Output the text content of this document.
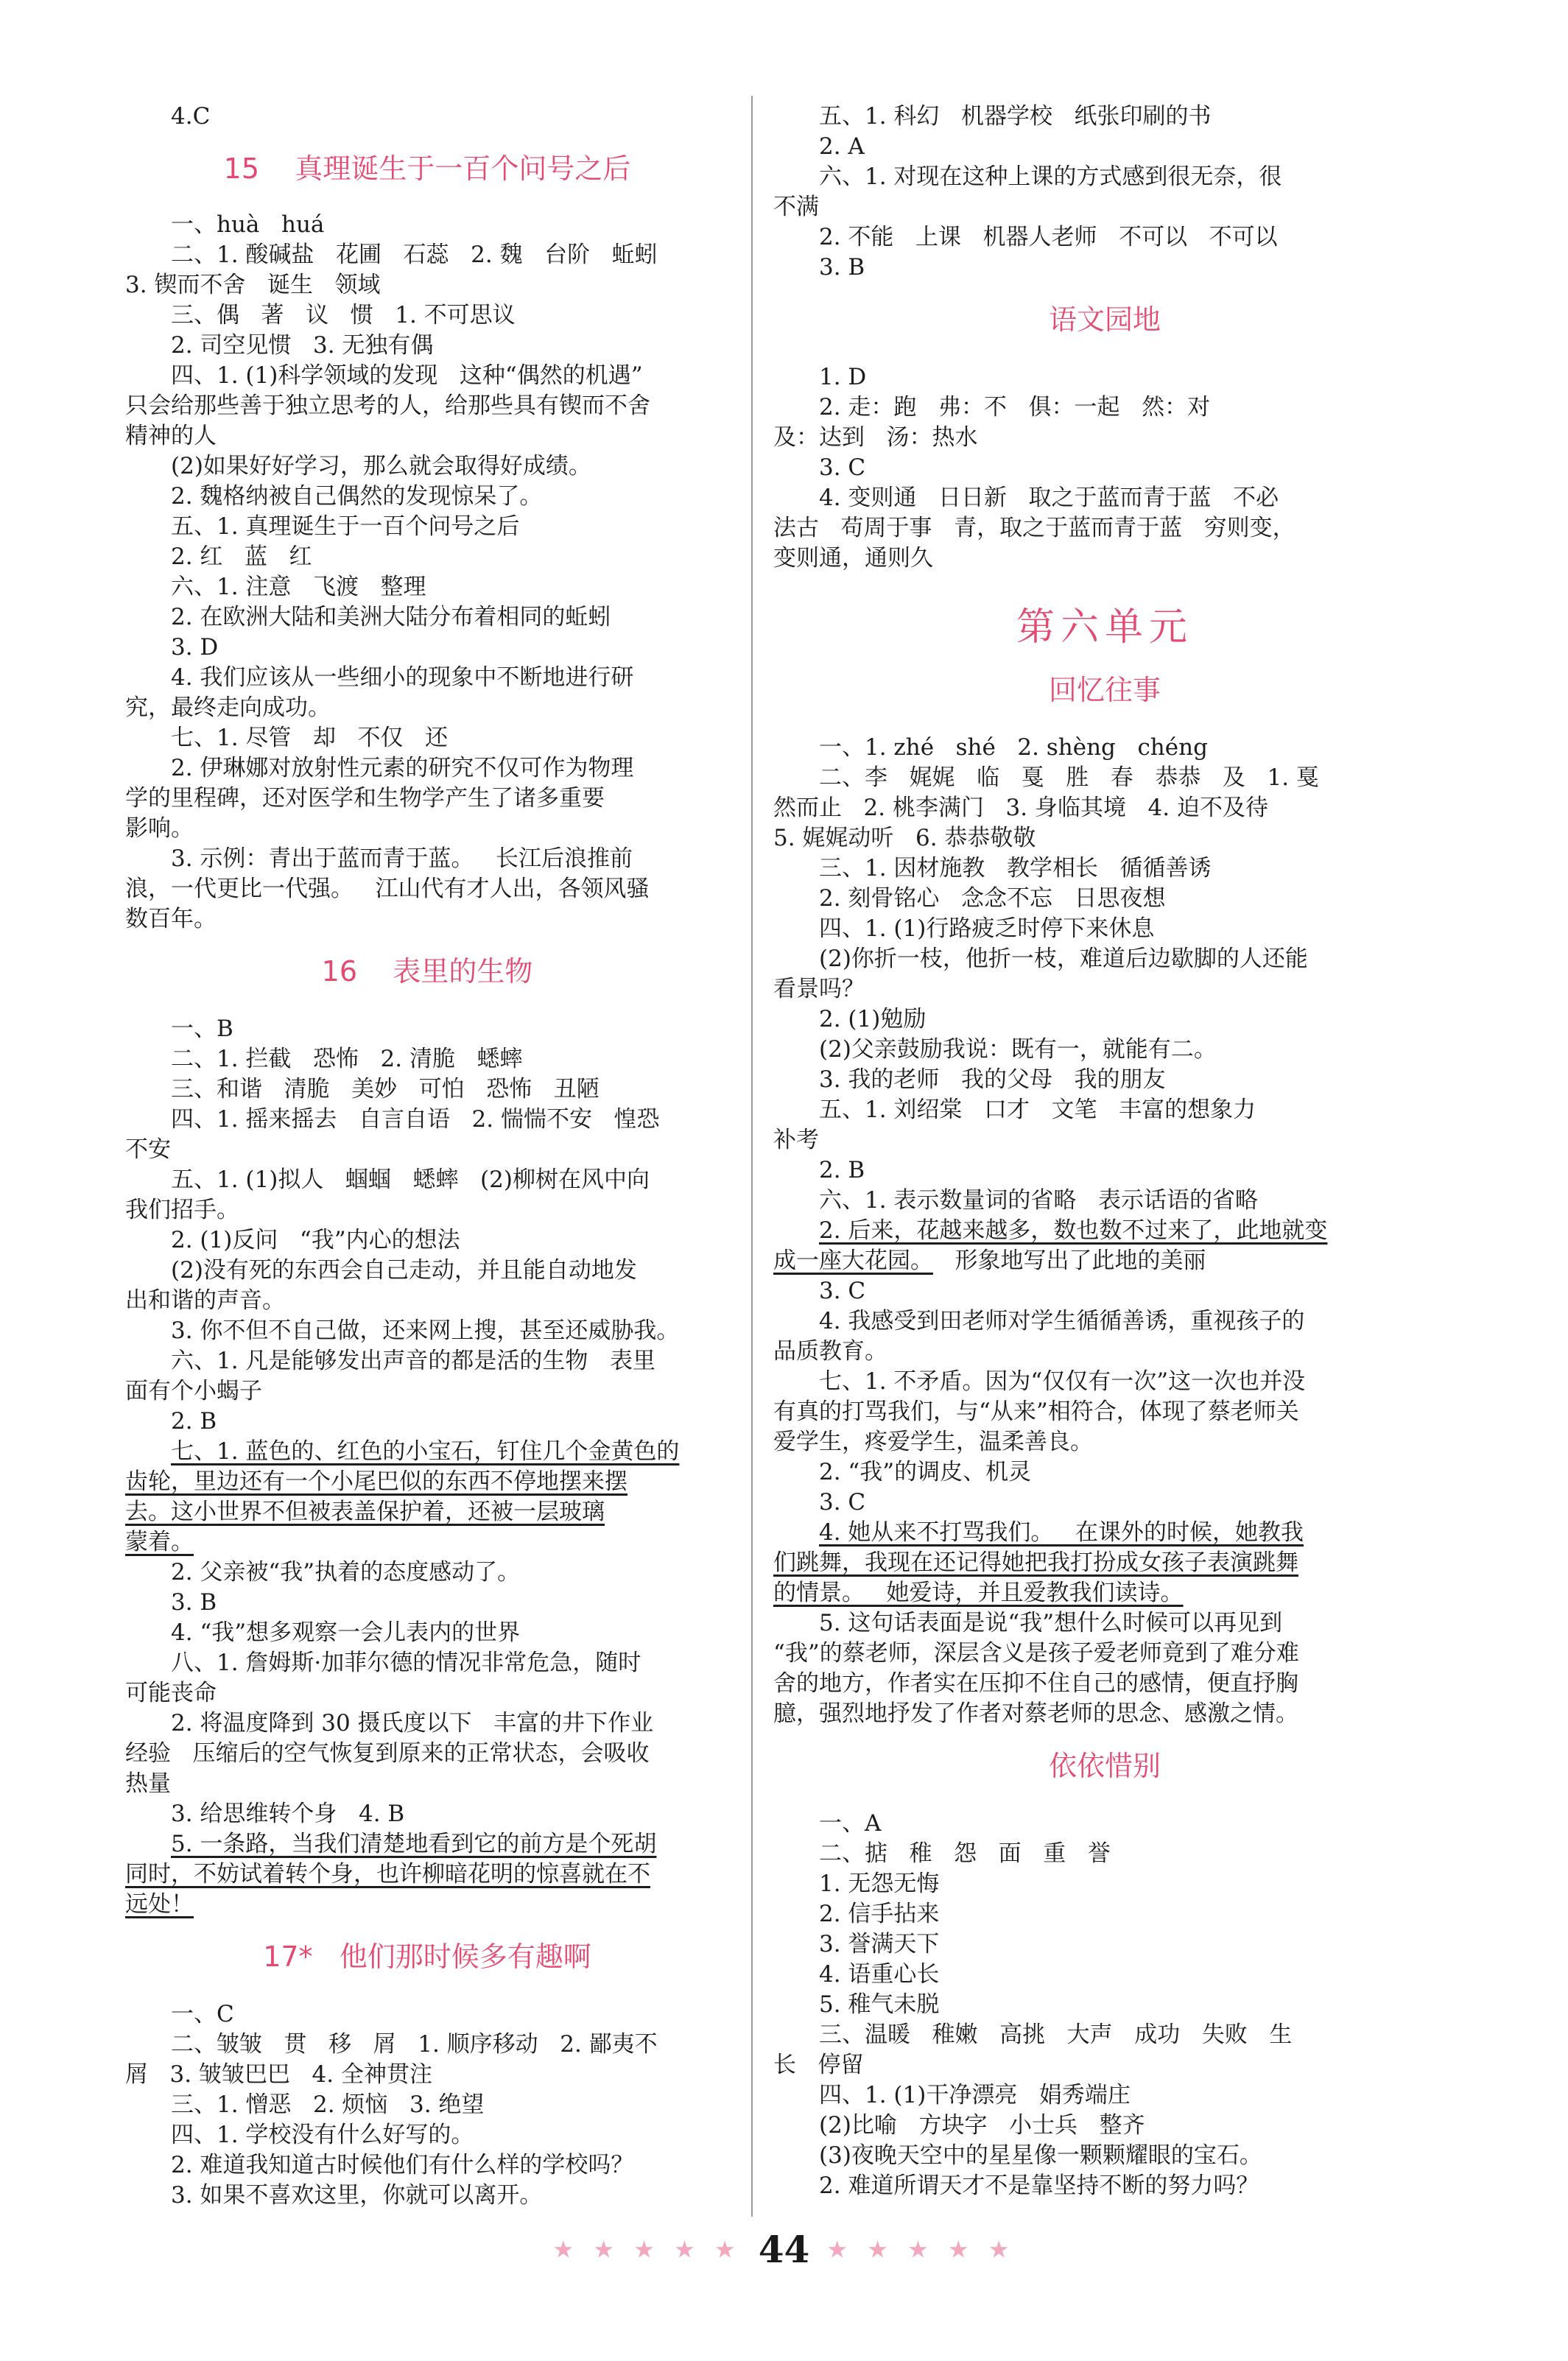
4.C
15    真理诞生于一百个问号之后
一、huà   huá
二、1. 酸碱盐   花圃   石蕊   2. 魏   台阶   蚯蚓
3. 锲而不舍   诞生   领域
三、偶   著   议   惯   1. 不可思议
2. 司空见惯   3. 无独有偶
四、1. (1)科学领域的发现   这种“偶然的机遇”
只会给那些善于独立思考的人，给那些具有锲而不舍
精神的人
(2)如果好好学习，那么就会取得好成绩。
2. 魏格纳被自己偶然的发现惊呆了。
五、1. 真理诞生于一百个问号之后
2. 红   蓝   红
六、1. 注意   飞渡   整理
2. 在欧洲大陆和美洲大陆分布着相同的蚯蚓
3. D
4. 我们应该从一些细小的现象中不断地进行研
究，最终走向成功。
七、1. 尽管   却   不仅   还
2. 伊琳娜对放射性元素的研究不仅可作为物理
学的里程碑，还对医学和生物学产生了诸多重要
影响。
3. 示例：青出于蓝而青于蓝。   长江后浪推前
浪，一代更比一代强。   江山代有才人出，各领风骚
数百年。
16    表里的生物
一、B
二、1. 拦截   恐怖   2. 清脆   蟋蟀
三、和谐   清脆   美妙   可怕   恐怖   丑陋
四、1. 摇来摇去   自言自语   2. 惴惴不安   惶恐
不安
五、1. (1)拟人   蝈蝈   蟋蟀   (2)柳树在风中向
我们招手。
2. (1)反问   “我”内心的想法
(2)没有死的东西会自己走动，并且能自动地发
出和谐的声音。
3. 你不但不自己做，还来网上搜，甚至还威胁我。
六、1. 凡是能够发出声音的都是活的生物   表里
面有个小蝎子
2. B
七、1. 蓝色的、红色的小宝石，钉住几个金黄色的
齿轮，里边还有一个小尾巴似的东西不停地摆来摆
去。这小世界不但被表盖保护着，还被一层玻璃
蒙着。
2. 父亲被“我”执着的态度感动了。
3. B
4. “我”想多观察一会儿表内的世界
八、1. 詹姆斯·加菲尔德的情况非常危急，随时
可能丧命
2. 将温度降到 30 摄氏度以下   丰富的井下作业
经验   压缩后的空气恢复到原来的正常状态，会吸收
热量
3. 给思维转个身   4. B
5. 一条路，当我们清楚地看到它的前方是个死胡
同时，不妨试着转个身，也许柳暗花明的惊喜就在不
远处！
17*   他们那时候多有趣啊
一、C
二、皱皱   贯   移   屑   1. 顺序移动   2. 鄙夷不
屑   3. 皱皱巴巴   4. 全神贯注
三、1. 憎恶   2. 烦恼   3. 绝望
四、1. 学校没有什么好写的。
2. 难道我知道古时候他们有什么样的学校吗？
3. 如果不喜欢这里，你就可以离开。
五、1. 科幻   机器学校   纸张印刷的书
2. A
六、1. 对现在这种上课的方式感到很无奈，很
不满
2. 不能   上课   机器人老师   不可以   不可以
3. B
语文园地
1. D
2. 走：跑   弗：不   俱：一起   然：对
及：达到   汤：热水
3. C
4. 变则通   日日新   取之于蓝而青于蓝   不必
法古   苟周于事   青，取之于蓝而青于蓝   穷则变，
变则通，通则久
第六单元
回忆往事
一、1. zhé   shé   2. shèng   chéng
二、李   娓娓   临   戛   胜   春   恭恭   及   1. 戛
然而止   2. 桃李满门   3. 身临其境   4. 迫不及待
5. 娓娓动听   6. 恭恭敬敬
三、1. 因材施教   教学相长   循循善诱
2. 刻骨铭心   念念不忘   日思夜想
四、1. (1)行路疲乏时停下来休息
(2)你折一枝，他折一枝，难道后边歇脚的人还能
看景吗？
2. (1)勉励
(2)父亲鼓励我说：既有一，就能有二。
3. 我的老师   我的父母   我的朋友
五、1. 刘绍棠   口才   文笔   丰富的想象力
补考
2. B
六、1. 表示数量词的省略   表示话语的省略
2. 后来，花越来越多，数也数不过来了，此地就变
成一座大花园。   形象地写出了此地的美丽
3. C
4. 我感受到田老师对学生循循善诱，重视孩子的
品质教育。
七、1. 不矛盾。因为“仅仅有一次”这一次也并没
有真的打骂我们，与“从来”相符合，体现了蔡老师关
爱学生，疼爱学生，温柔善良。
2. “我”的调皮、机灵
3. C
4. 她从来不打骂我们。   在课外的时候，她教我
们跳舞，我现在还记得她把我打扮成女孩子表演跳舞
的情景。   她爱诗，并且爱教我们读诗。
5. 这句话表面是说“我”想什么时候可以再见到
“我”的蔡老师，深层含义是孩子爱老师竟到了难分难
舍的地方，作者实在压抑不住自己的感情，便直抒胸
臆，强烈地抒发了作者对蔡老师的思念、感激之情。
依依惜别
一、A
二、掂   稚   怨   面   重   誉
1. 无怨无悔
2. 信手拈来
3. 誉满天下
4. 语重心长
5. 稚气未脱
三、温暖   稚嫩   高挑   大声   成功   失败   生
长   停留
四、1. (1)干净漂亮   娟秀端庄
(2)比喻   方块字   小士兵   整齐
(3)夜晚天空中的星星像一颗颗耀眼的宝石。
2. 难道所谓天才不是靠坚持不断的努力吗？
★ ★ ★ ★ ★ 44 ★ ★ ★ ★ ★
